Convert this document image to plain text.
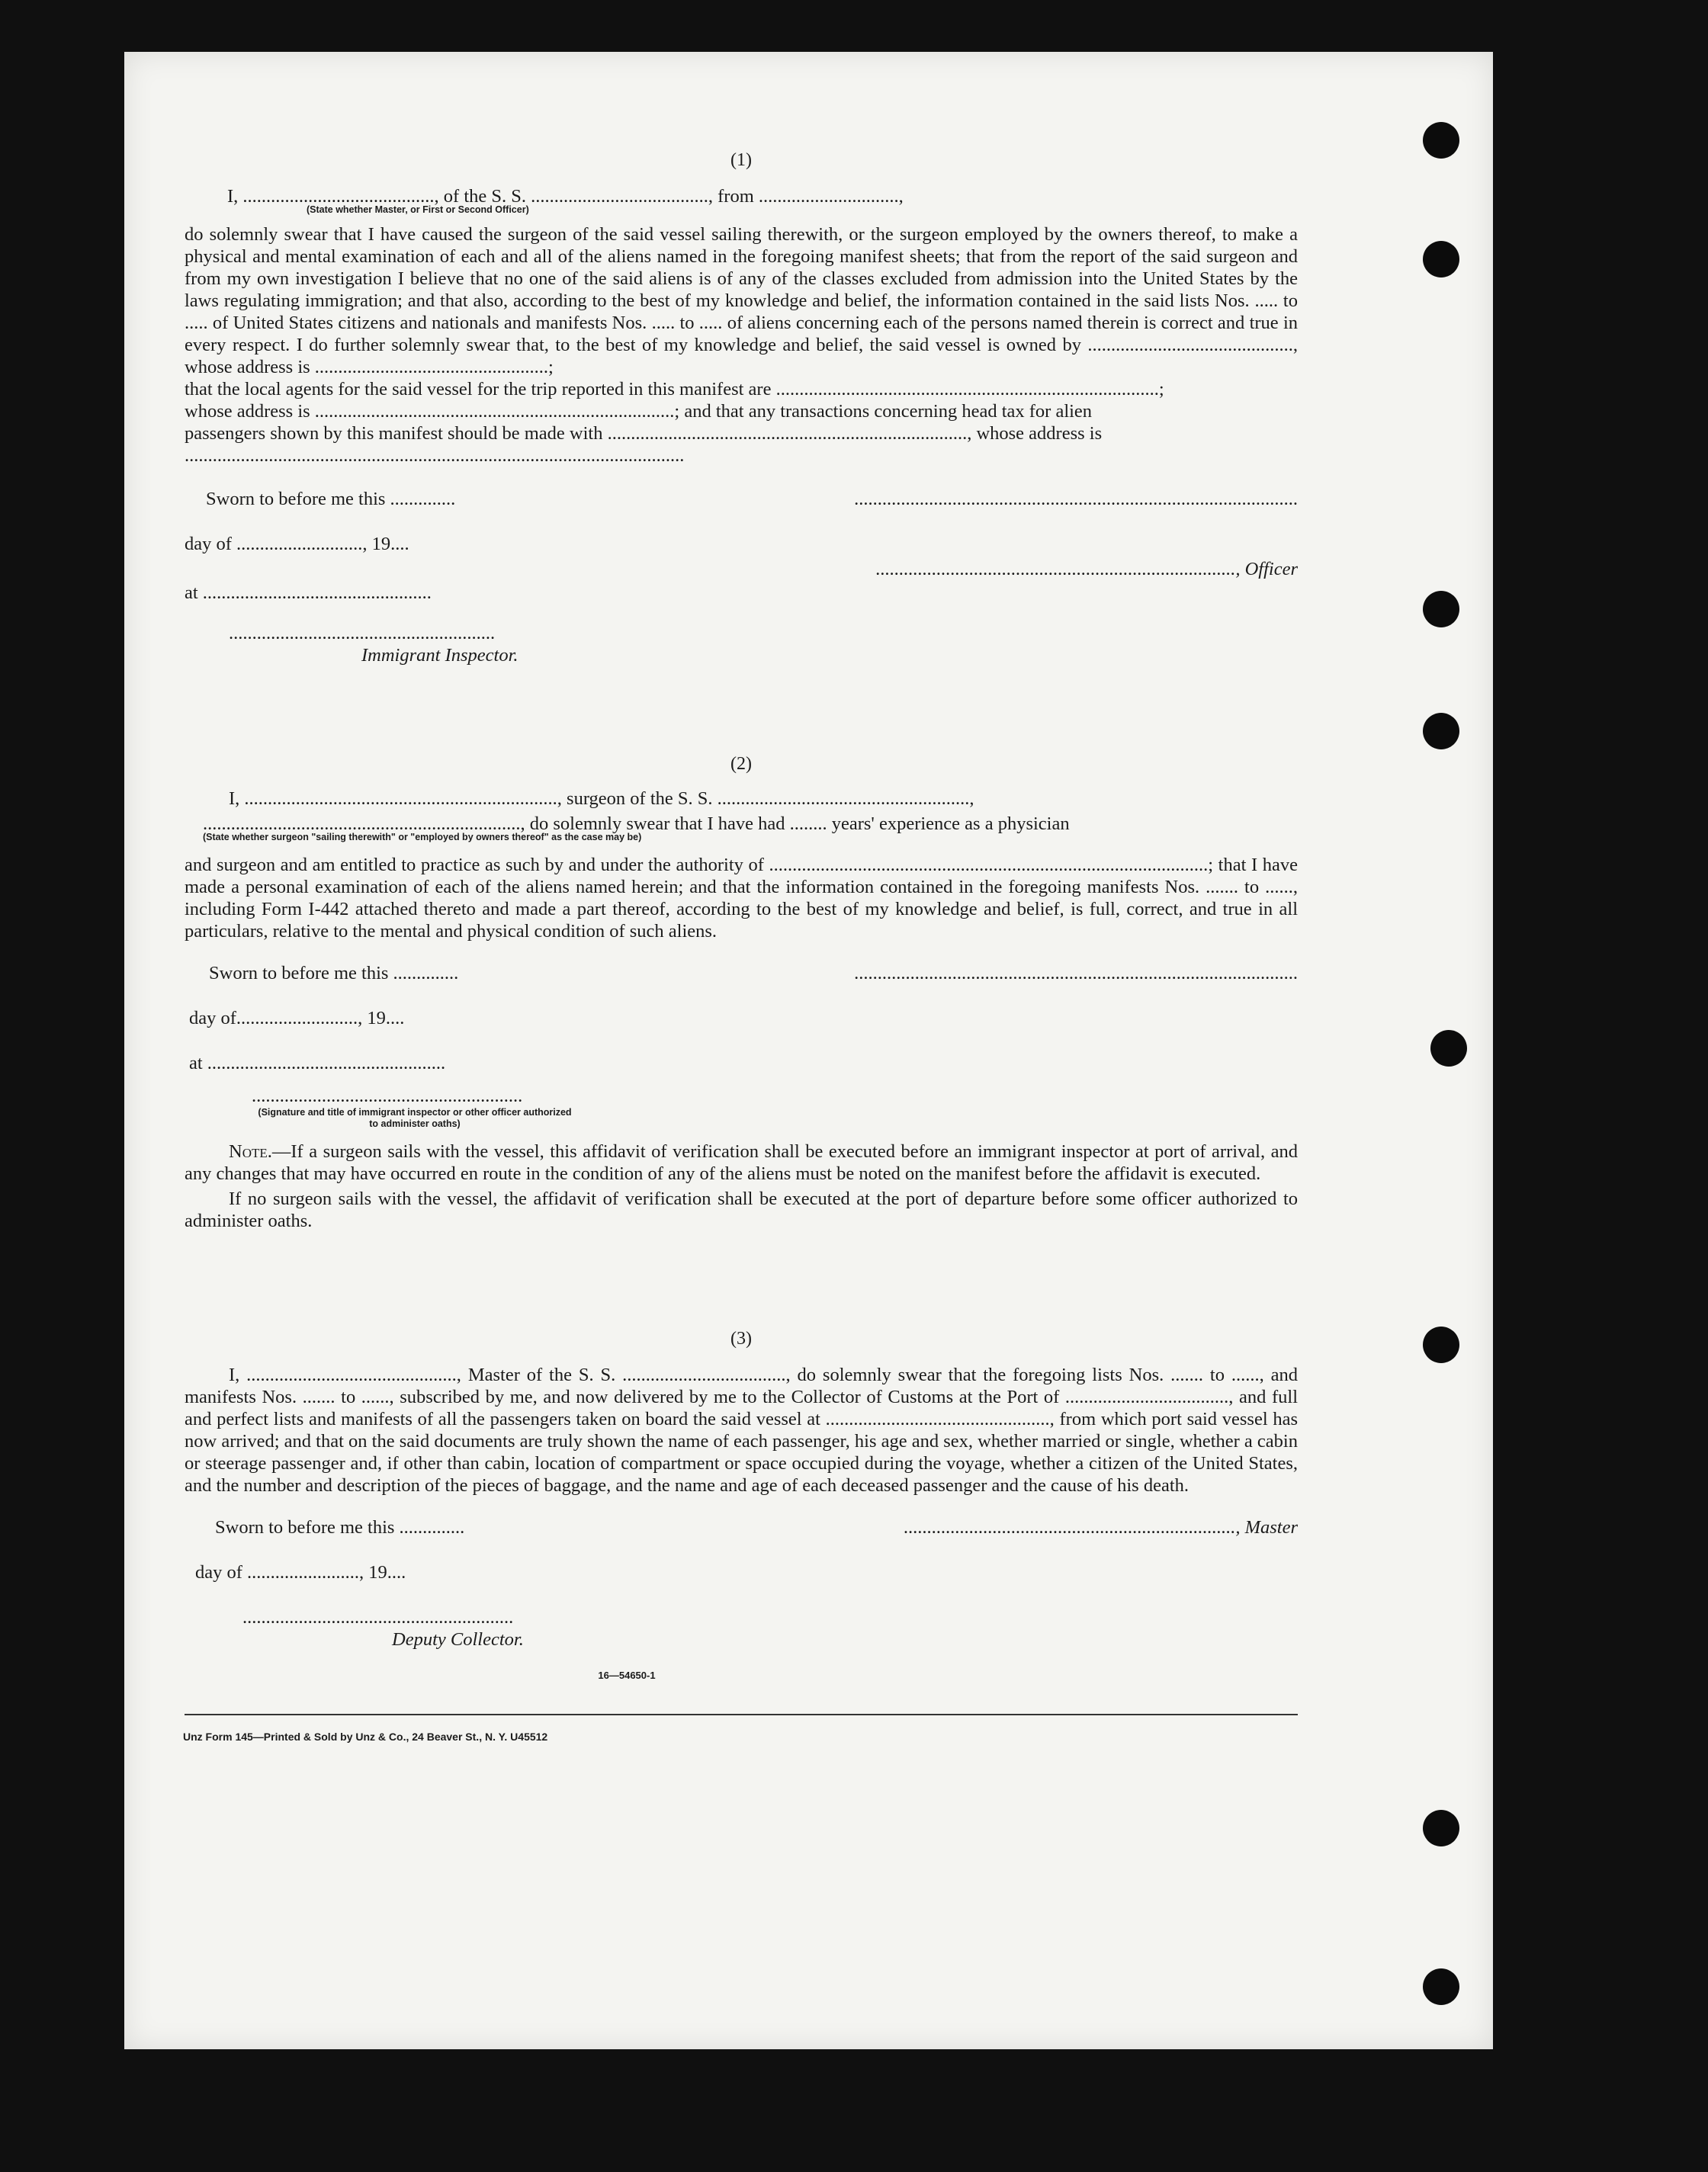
(1)
I, ........................................., of the S. S. ......................................, from ..............................,
(State whether Master, or First or Second Officer)
do solemnly swear that I have caused the surgeon of the said vessel sailing therewith, or the surgeon employed by the owners thereof, to make a physical and mental examination of each and all of the aliens named in the foregoing manifest sheets; that from the report of the said surgeon and from my own investigation I believe that no one of the said aliens is of any of the classes excluded from admission into the United States by the laws regulating immigration; and that also, according to the best of my knowledge and belief, the information contained in the said lists Nos. ..... to ..... of United States citizens and nationals and manifests Nos. ..... to ..... of aliens concerning each of the persons named therein is correct and true in every respect. I do further solemnly swear that, to the best of my knowledge and belief, the said vessel is owned by ............................................, whose address is ..................................................;
that the local agents for the said vessel for the trip reported in this manifest are ..................................................................................;
whose address is .............................................................................; and that any transactions concerning head tax for alien
passengers shown by this manifest should be made with ............................................................................., whose address is
...........................................................................................................
Sworn to before me this ..............	...............................................................................................
day of ..........................., 19....
............................................................................., Officer
at .................................................
.........................................................
Immigrant Inspector.
(2)
I, ..................................................................., surgeon of the S. S. ......................................................,
...................................................................., do solemnly swear that I have had ........ years' experience as a physician
(State whether surgeon "sailing therewith" or "employed by owners thereof" as the case may be)
and surgeon and am entitled to practice as such by and under the authority of ..............................................................................................; that I have made a personal examination of each of the aliens named herein; and that the information contained in the foregoing manifests Nos. ....... to ......, including Form I-442 attached thereto and made a part thereof, according to the best of my knowledge and belief, is full, correct, and true in all particulars, relative to the mental and physical condition of such aliens.
Sworn to before me this ..............	...............................................................................................
day of.........................., 19....
at ...................................................
..........................................................
(Signature and title of immigrant inspector or other officer authorized to administer oaths)
Note.—If a surgeon sails with the vessel, this affidavit of verification shall be executed before an immigrant inspector at port of arrival, and any changes that may have occurred en route in the condition of any of the aliens must be noted on the manifest before the affidavit is executed.
If no surgeon sails with the vessel, the affidavit of verification shall be executed at the port of departure before some officer authorized to administer oaths.
(3)
I, ............................................., Master of the S. S. ..................................., do solemnly swear that the foregoing lists Nos. ....... to ......, and manifests Nos. ....... to ......, subscribed by me, and now delivered by me to the Collector of Customs at the Port of ..................................., and full and perfect lists and manifests of all the passengers taken on board the said vessel at ................................................, from which port said vessel has now arrived; and that on the said documents are truly shown the name of each passenger, his age and sex, whether married or single, whether a cabin or steerage passenger and, if other than cabin, location of compartment or space occupied during the voyage, whether a citizen of the United States, and the number and description of the pieces of baggage, and the name and age of each deceased passenger and the cause of his death.
Sworn to before me this ..............	......................................................................., Master
day of ........................, 19....
..........................................................
Deputy Collector.
16—54650-1
Unz Form 145—Printed & Sold by Unz & Co., 24 Beaver St., N. Y. U45512
